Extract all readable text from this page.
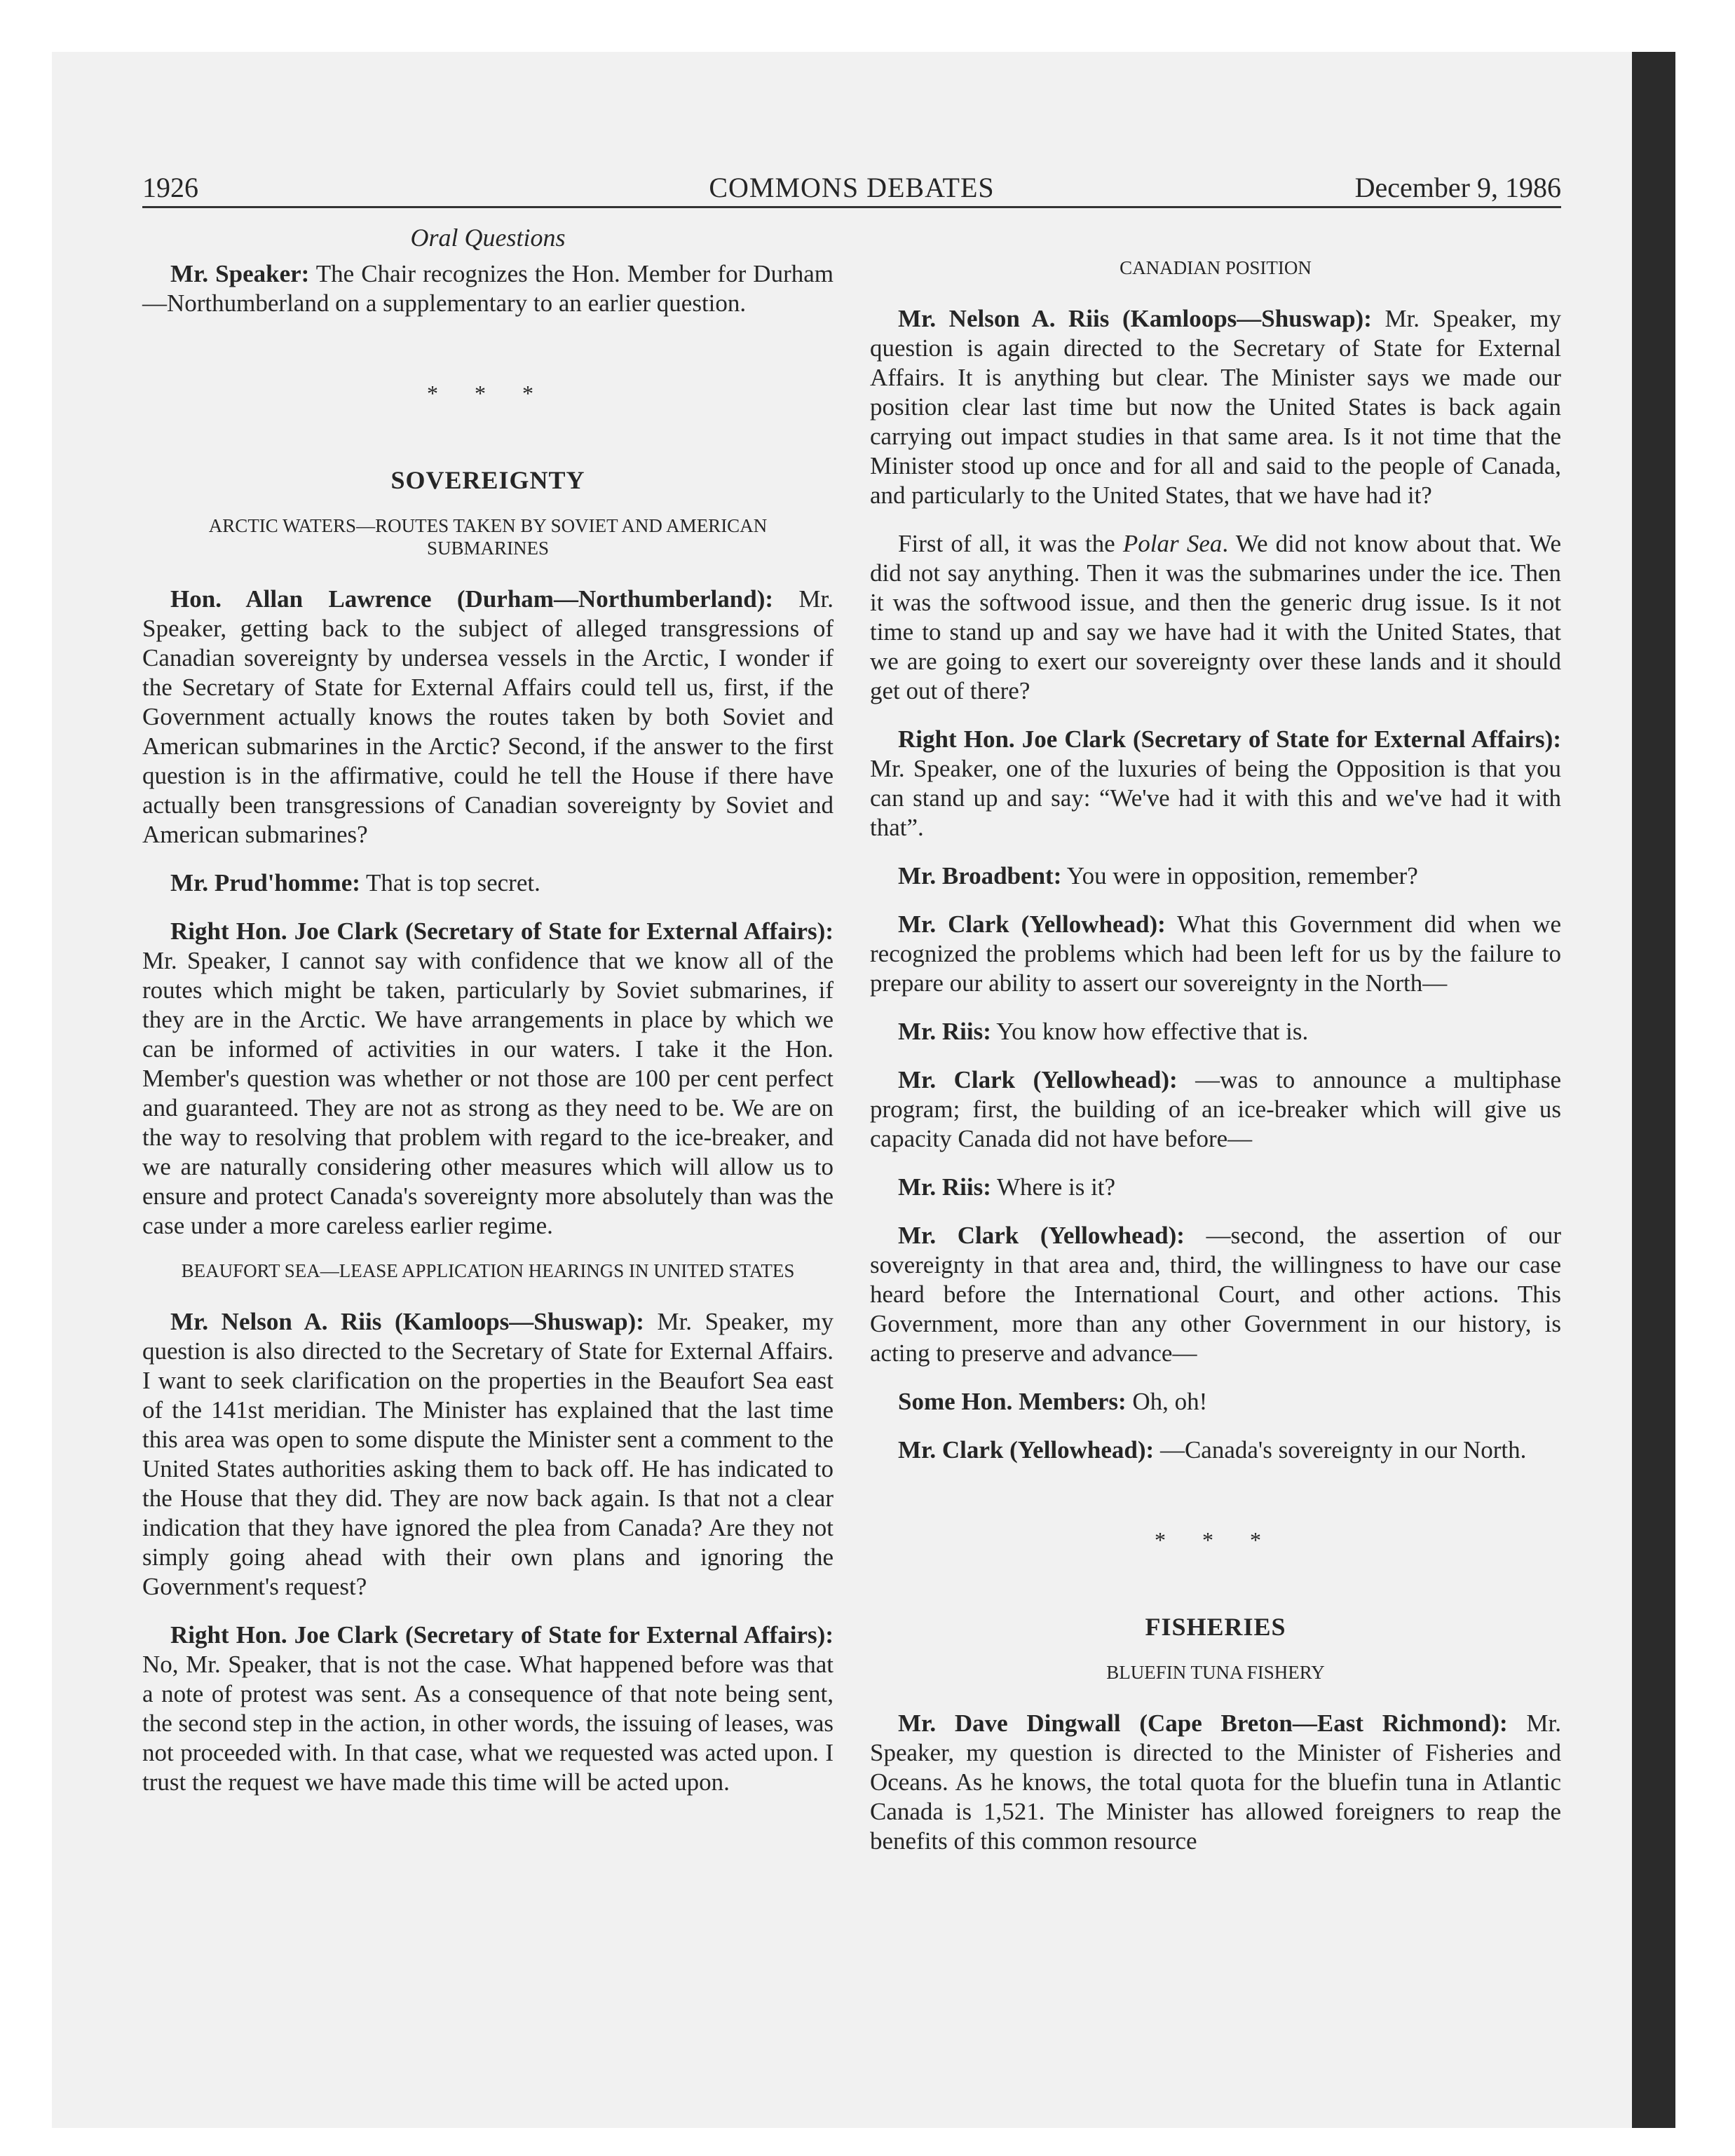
1926	COMMONS DEBATES	December 9, 1986
Oral Questions

Mr. Speaker: The Chair recognizes the Hon. Member for Durham—Northumberland on a supplementary to an earlier question.

* * *
SOVEREIGNTY
ARCTIC WATERS—ROUTES TAKEN BY SOVIET AND AMERICAN SUBMARINES

Hon. Allan Lawrence (Durham—Northumberland): Mr. Speaker, getting back to the subject of alleged transgressions of Canadian sovereignty by undersea vessels in the Arctic, I wonder if the Secretary of State for External Affairs could tell us, first, if the Government actually knows the routes taken by both Soviet and American submarines in the Arctic? Second, if the answer to the first question is in the affirmative, could he tell the House if there have actually been transgressions of Canadian sovereignty by Soviet and American submarines?

Mr. Prud'homme: That is top secret.

Right Hon. Joe Clark (Secretary of State for External Affairs): Mr. Speaker, I cannot say with confidence that we know all of the routes which might be taken, particularly by Soviet submarines, if they are in the Arctic. We have arrangements in place by which we can be informed of activities in our waters. I take it the Hon. Member's question was whether or not those are 100 per cent perfect and guaranteed. They are not as strong as they need to be. We are on the way to resolving that problem with regard to the ice-breaker, and we are naturally considering other measures which will allow us to ensure and protect Canada's sovereignty more absolutely than was the case under a more careless earlier regime.

BEAUFORT SEA—LEASE APPLICATION HEARINGS IN UNITED STATES

Mr. Nelson A. Riis (Kamloops—Shuswap): Mr. Speaker, my question is also directed to the Secretary of State for External Affairs. I want to seek clarification on the properties in the Beaufort Sea east of the 141st meridian. The Minister has explained that the last time this area was open to some dispute the Minister sent a comment to the United States authorities asking them to back off. He has indicated to the House that they did. They are now back again. Is that not a clear indication that they have ignored the plea from Canada? Are they not simply going ahead with their own plans and ignoring the Government's request?

Right Hon. Joe Clark (Secretary of State for External Affairs): No, Mr. Speaker, that is not the case. What happened before was that a note of protest was sent. As a consequence of that note being sent, the second step in the action, in other words, the issuing of leases, was not proceeded with. In that case, what we requested was acted upon. I trust the request we have made this time will be acted upon.

CANADIAN POSITION

Mr. Nelson A. Riis (Kamloops—Shuswap): Mr. Speaker, my question is again directed to the Secretary of State for External Affairs. It is anything but clear. The Minister says we made our position clear last time but now the United States is back again carrying out impact studies in that same area. Is it not time that the Minister stood up once and for all and said to the people of Canada, and particularly to the United States, that we have had it?

First of all, it was the Polar Sea. We did not know about that. We did not say anything. Then it was the submarines under the ice. Then it was the softwood issue, and then the generic drug issue. Is it not time to stand up and say we have had it with the United States, that we are going to exert our sovereignty over these lands and it should get out of there?

Right Hon. Joe Clark (Secretary of State for External Affairs): Mr. Speaker, one of the luxuries of being the Opposition is that you can stand up and say: “We've had it with this and we've had it with that”.

Mr. Broadbent: You were in opposition, remember?

Mr. Clark (Yellowhead): What this Government did when we recognized the problems which had been left for us by the failure to prepare our ability to assert our sovereignty in the North—

Mr. Riis: You know how effective that is.

Mr. Clark (Yellowhead): —was to announce a multiphase program; first, the building of an ice-breaker which will give us capacity Canada did not have before—

Mr. Riis: Where is it?

Mr. Clark (Yellowhead): —second, the assertion of our sovereignty in that area and, third, the willingness to have our case heard before the International Court, and other actions. This Government, more than any other Government in our history, is acting to preserve and advance—

Some Hon. Members: Oh, oh!

Mr. Clark (Yellowhead): —Canada's sovereignty in our North.

* * *
FISHERIES
BLUEFIN TUNA FISHERY

Mr. Dave Dingwall (Cape Breton—East Richmond): Mr. Speaker, my question is directed to the Minister of Fisheries and Oceans. As he knows, the total quota for the bluefin tuna in Atlantic Canada is 1,521. The Minister has allowed foreigners to reap the benefits of this common resource
